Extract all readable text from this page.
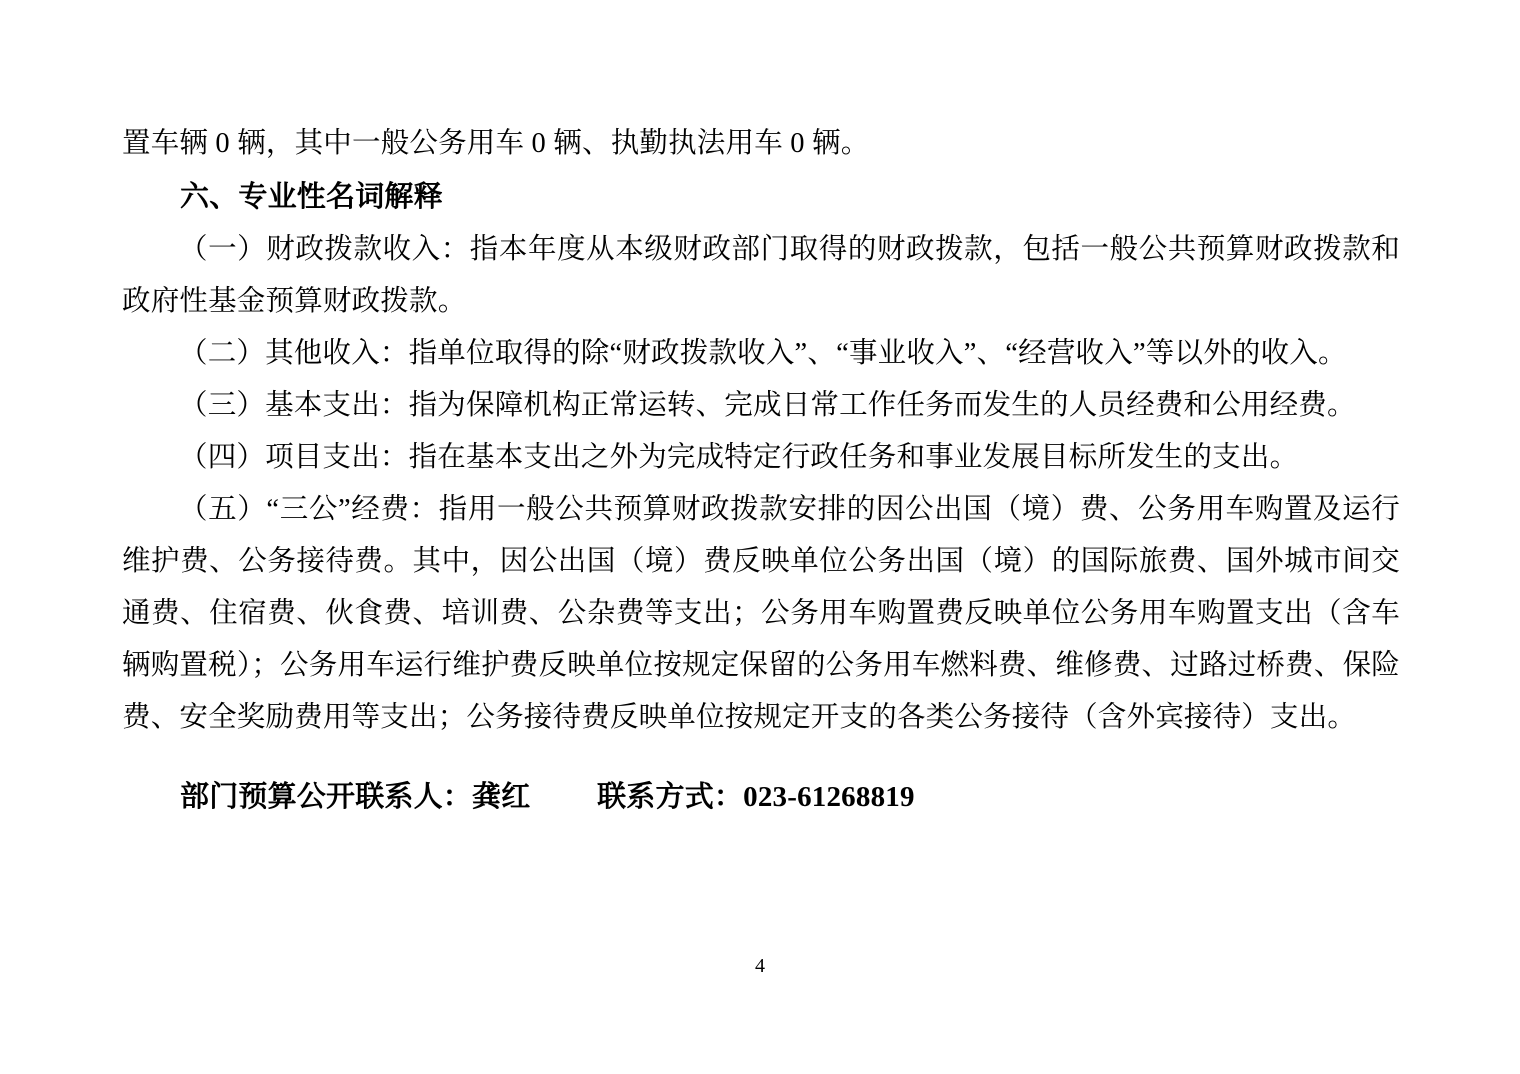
置车辆 0 辆，其中一般公务用车 0 辆、执勤执法用车 0 辆。

六、专业性名词解释

（一）财政拨款收入：指本年度从本级财政部门取得的财政拨款，包括一般公共预算财政拨款和政府性基金预算财政拨款。

（二）其他收入：指单位取得的除“财政拨款收入”、“事业收入”、“经营收入”等以外的收入。

（三）基本支出：指为保障机构正常运转、完成日常工作任务而发生的人员经费和公用经费。

（四）项目支出：指在基本支出之外为完成特定行政任务和事业发展目标所发生的支出。

（五）“三公”经费：指用一般公共预算财政拨款安排的因公出国（境）费、公务用车购置及运行维护费、公务接待费。其中，因公出国（境）费反映单位公务出国（境）的国际旅费、国外城市间交通费、住宿费、伙食费、培训费、公杂费等支出；公务用车购置费反映单位公务用车购置支出（含车辆购置税）；公务用车运行维护费反映单位按规定保留的公务用车燃料费、维修费、过路过桥费、保险费、安全奖励费用等支出；公务接待费反映单位按规定开支的各类公务接待（含外宾接待）支出。

部门预算公开联系人：龚红 联系方式：023-61268819

4
